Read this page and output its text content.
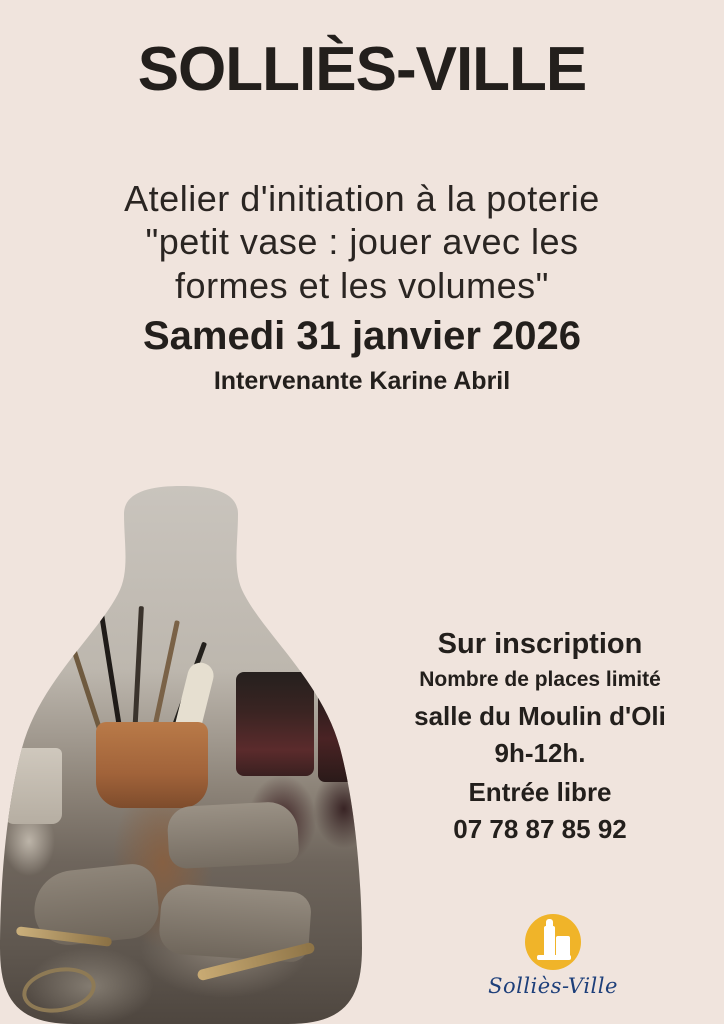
SOLLIÈS-VILLE
Atelier d'initiation à la poterie
"petit vase : jouer avec les
formes et les volumes"
Samedi 31 janvier 2026
Intervenante Karine Abril
Sur inscription
Nombre de places limité
salle du Moulin d'Oli
9h-12h.
Entrée libre
07 78 87 85 92
Solliès-Ville
